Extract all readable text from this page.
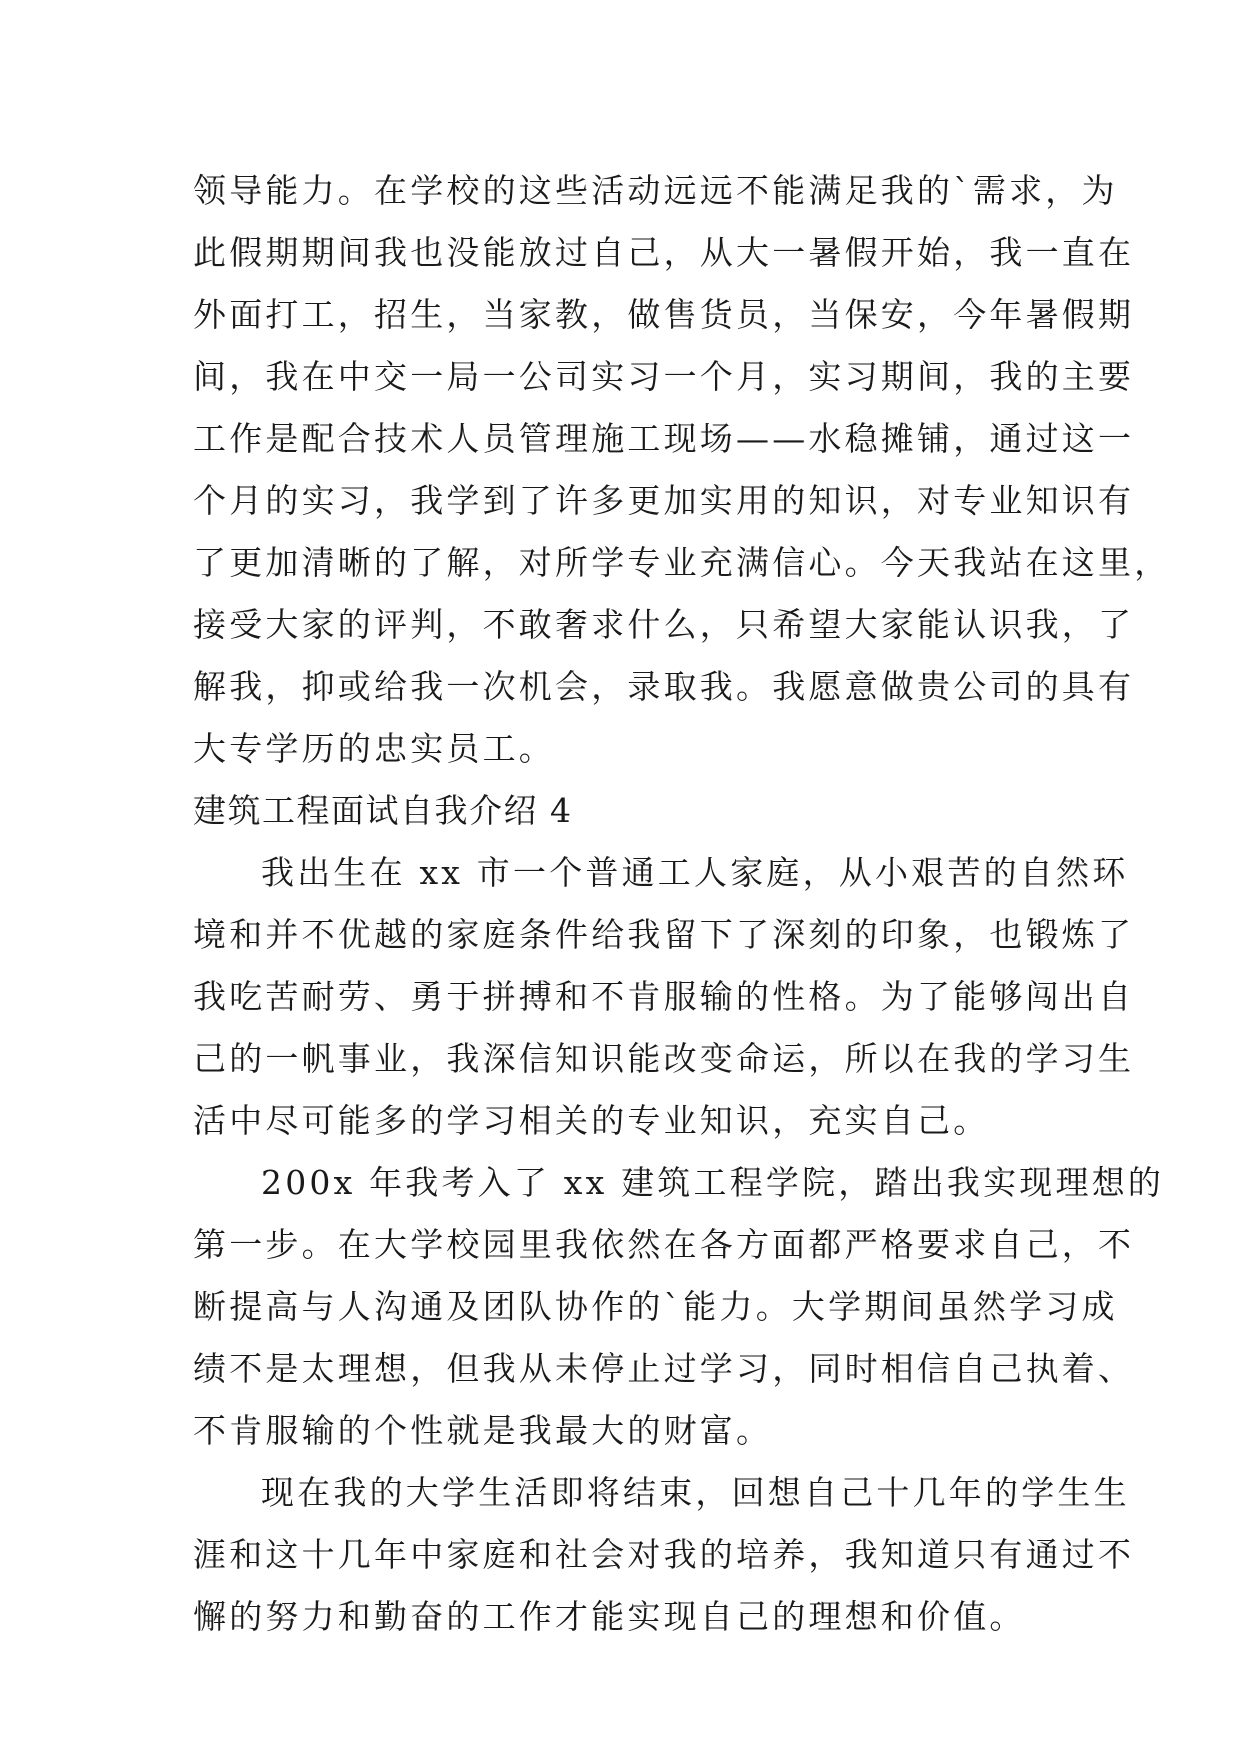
领导能力。在学校的这些活动远远不能满足我的`需求，为
此假期期间我也没能放过自己，从大一暑假开始，我一直在
外面打工，招生，当家教，做售货员，当保安，今年暑假期
间，我在中交一局一公司实习一个月，实习期间，我的主要
工作是配合技术人员管理施工现场——水稳摊铺，通过这一
个月的实习，我学到了许多更加实用的知识，对专业知识有
了更加清晰的了解，对所学专业充满信心。今天我站在这里，
接受大家的评判，不敢奢求什么，只希望大家能认识我，了
解我，抑或给我一次机会，录取我。我愿意做贵公司的具有
大专学历的忠实员工。
建筑工程面试自我介绍 4
我出生在 xx 市一个普通工人家庭，从小艰苦的自然环
境和并不优越的家庭条件给我留下了深刻的印象，也锻炼了
我吃苦耐劳、勇于拼搏和不肯服输的性格。为了能够闯出自
己的一帆事业，我深信知识能改变命运，所以在我的学习生
活中尽可能多的学习相关的专业知识，充实自己。
200x 年我考入了 xx 建筑工程学院，踏出我实现理想的
第一步。在大学校园里我依然在各方面都严格要求自己，不
断提高与人沟通及团队协作的`能力。大学期间虽然学习成
绩不是太理想，但我从未停止过学习，同时相信自己执着、
不肯服输的个性就是我最大的财富。
现在我的大学生活即将结束，回想自己十几年的学生生
涯和这十几年中家庭和社会对我的培养，我知道只有通过不
懈的努力和勤奋的工作才能实现自己的理想和价值。
